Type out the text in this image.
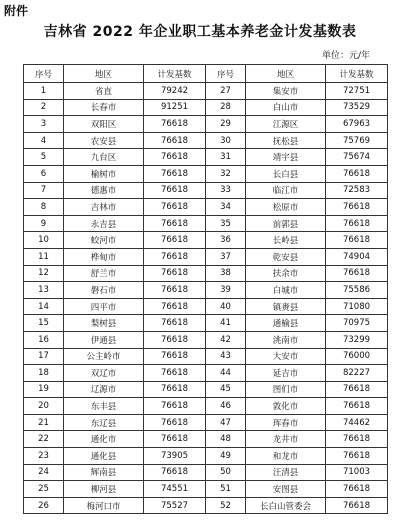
附件
吉林省 2022 年企业职工基本养老金计发基数表
单位：元/年
序号	地区	计发基数	序号	地区	计发基数
1	省直	79242	27	集安市	72751
2	长春市	91251	28	白山市	73529
3	双阳区	76618	29	江源区	67963
4	农安县	76618	30	抚松县	75769
5	九台区	76618	31	靖宇县	75674
6	榆树市	76618	32	长白县	76618
7	德惠市	76618	33	临江市	72583
8	吉林市	76618	34	松原市	76618
9	永吉县	76618	35	前郭县	76618
10	蛟河市	76618	36	长岭县	76618
11	桦甸市	76618	37	乾安县	74904
12	舒兰市	76618	38	扶余市	76618
13	磐石市	76618	39	白城市	75586
14	四平市	76618	40	镇赉县	71080
15	梨树县	76618	41	通榆县	70975
16	伊通县	76618	42	洮南市	73299
17	公主岭市	76618	43	大安市	76000
18	双辽市	76618	44	延吉市	82227
19	辽源市	76618	45	图们市	76618
20	东丰县	76618	46	敦化市	76618
21	东辽县	76618	47	珲春市	74462
22	通化市	76618	48	龙井市	76618
23	通化县	73905	49	和龙市	76618
24	辉南县	76618	50	汪清县	71003
25	柳河县	74551	51	安图县	76618
26	梅河口市	75527	52	长白山管委会	76618
